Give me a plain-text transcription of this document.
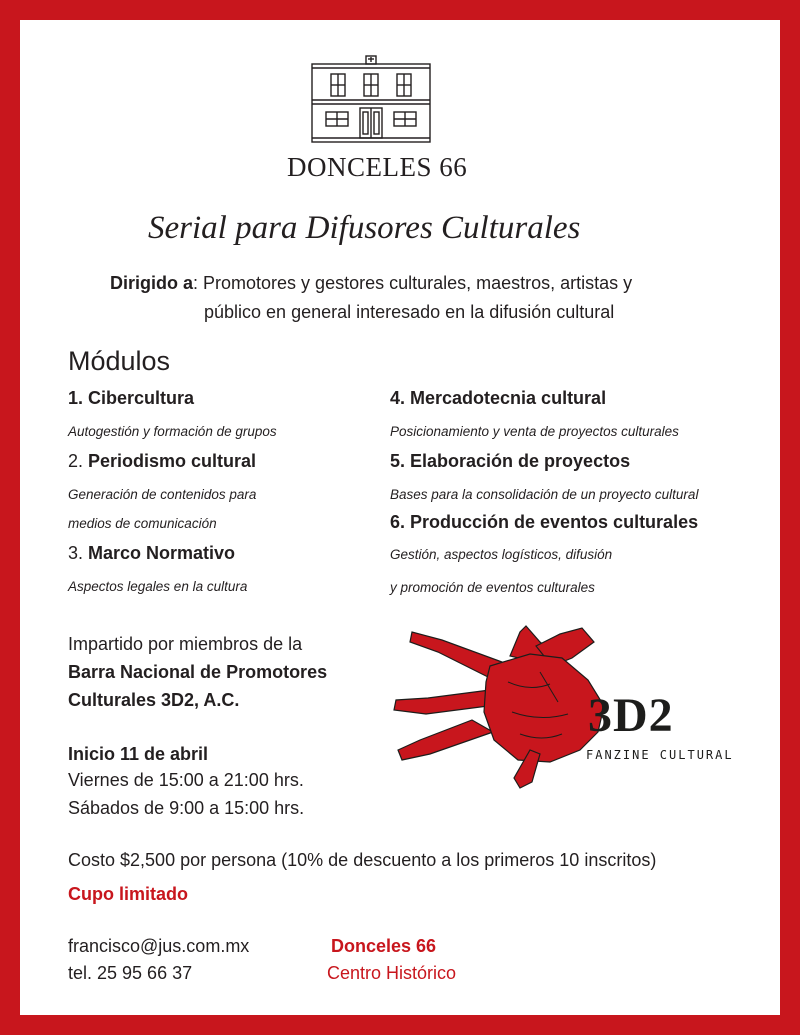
DONCELES 66
Serial para Difusores Culturales
Dirigido a: Promotores y gestores culturales, maestros, artistas y
público en general interesado en la difusión cultural
Módulos
1. Cibercultura
Autogestión y formación de grupos
2. Periodismo cultural
Generación de contenidos para
medios de comunicación
3. Marco Normativo
Aspectos legales en la cultura
4. Mercadotecnia cultural
Posicionamiento y venta de proyectos culturales
5. Elaboración de proyectos
Bases para la consolidación de un proyecto cultural
6. Producción de eventos culturales
Gestión, aspectos logísticos, difusión
y promoción de eventos culturales
Impartido por miembros de la
Barra Nacional de Promotores
Culturales 3D2, A.C.
Inicio 11 de abril
Viernes de 15:00 a 21:00 hrs.
Sábados de 9:00 a 15:00 hrs.
3D2
FANZINE CULTURAL
Costo $2,500 por persona (10% de descuento a los primeros 10 inscritos)
Cupo limitado
francisco@jus.com.mx
tel. 25 95 66 37
Donceles 66
Centro Histórico
